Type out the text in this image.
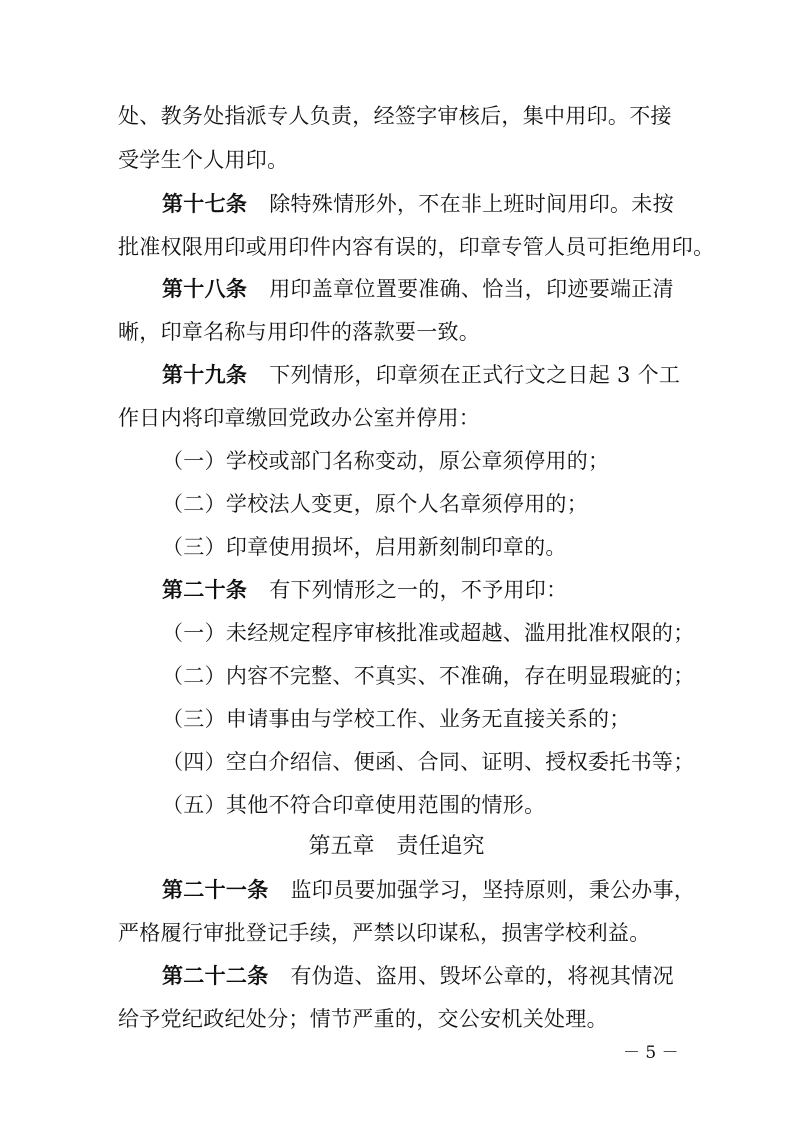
处、教务处指派专人负责，经签字审核后，集中用印。不接
受学生个人用印。
第十七条 除特殊情形外，不在非上班时间用印。未按
批准权限用印或用印件内容有误的，印章专管人员可拒绝用印。
第十八条 用印盖章位置要准确、恰当，印迹要端正清
晰，印章名称与用印件的落款要一致。
第十九条 下列情形，印章须在正式行文之日起 3 个工
作日内将印章缴回党政办公室并停用：
（一）学校或部门名称变动，原公章须停用的；
（二）学校法人变更，原个人名章须停用的；
（三）印章使用损坏，启用新刻制印章的。
第二十条 有下列情形之一的，不予用印：
（一）未经规定程序审核批准或超越、滥用批准权限的；
（二）内容不完整、不真实、不准确，存在明显瑕疵的；
（三）申请事由与学校工作、业务无直接关系的；
（四）空白介绍信、便函、合同、证明、授权委托书等；
（五）其他不符合印章使用范围的情形。
第五章　责任追究
第二十一条 监印员要加强学习，坚持原则，秉公办事，
严格履行审批登记手续，严禁以印谋私，损害学校利益。
第二十二条 有伪造、盗用、毁坏公章的，将视其情况
给予党纪政纪处分；情节严重的，交公安机关处理。
－ 5 －
